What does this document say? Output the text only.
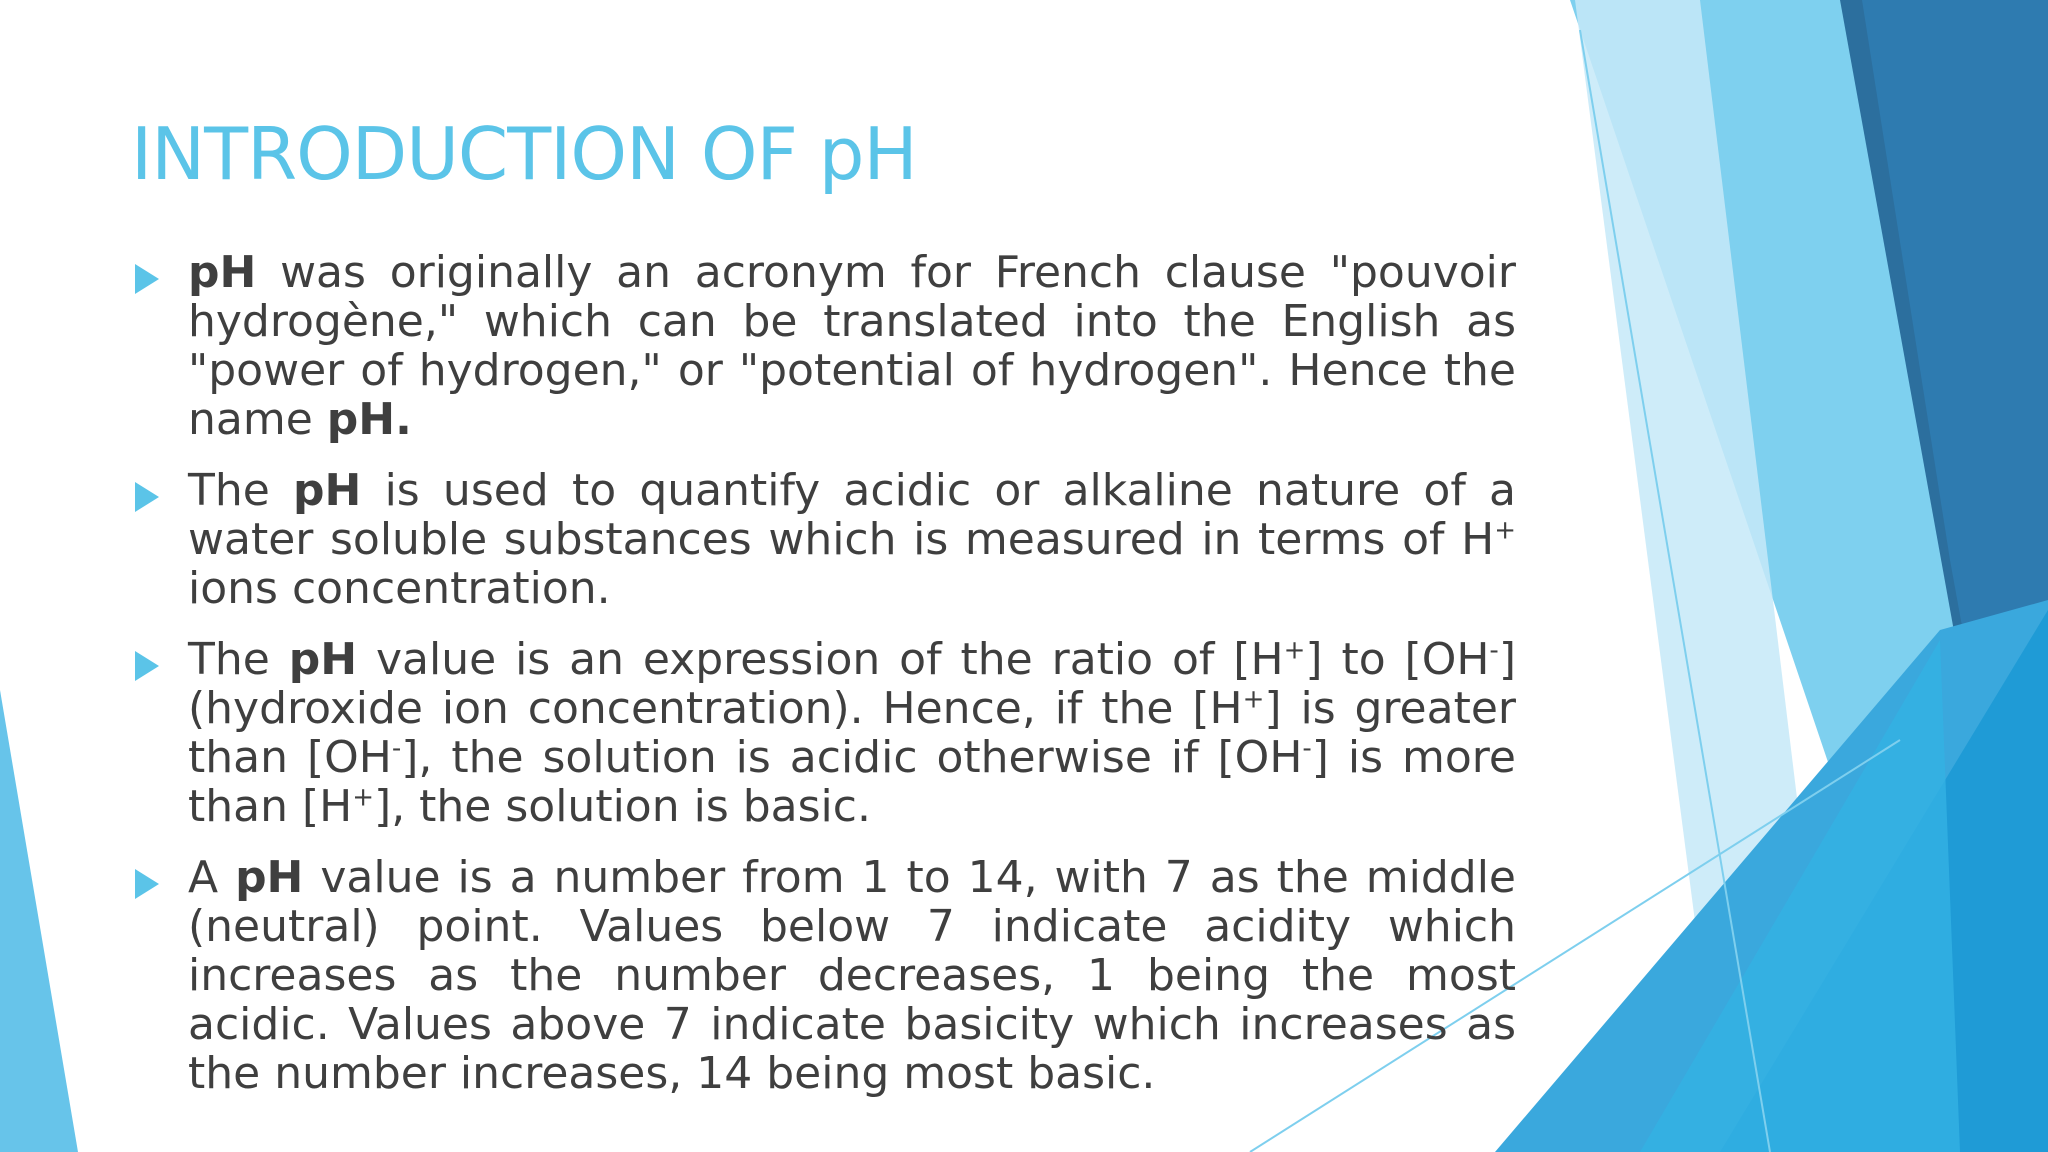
INTRODUCTION OF pH
pH was originally an acronym for French clause "pouvoir hydrogène," which can be translated into the English as "power of hydrogen," or "potential of hydrogen". Hence the name pH.
The pH is used to quantify acidic or alkaline nature of a water soluble substances which is measured in terms of H+ ions concentration.
The pH value is an expression of the ratio of [H+] to [OH-] (hydroxide ion concentration). Hence, if the [H+] is greater than [OH-], the solution is acidic otherwise if [OH-] is more than [H+], the solution is basic.
A pH value is a number from 1 to 14, with 7 as the middle (neutral) point. Values below 7 indicate acidity which increases as the number decreases, 1 being the most acidic. Values above 7 indicate basicity which increases as the number increases, 14 being most basic.
